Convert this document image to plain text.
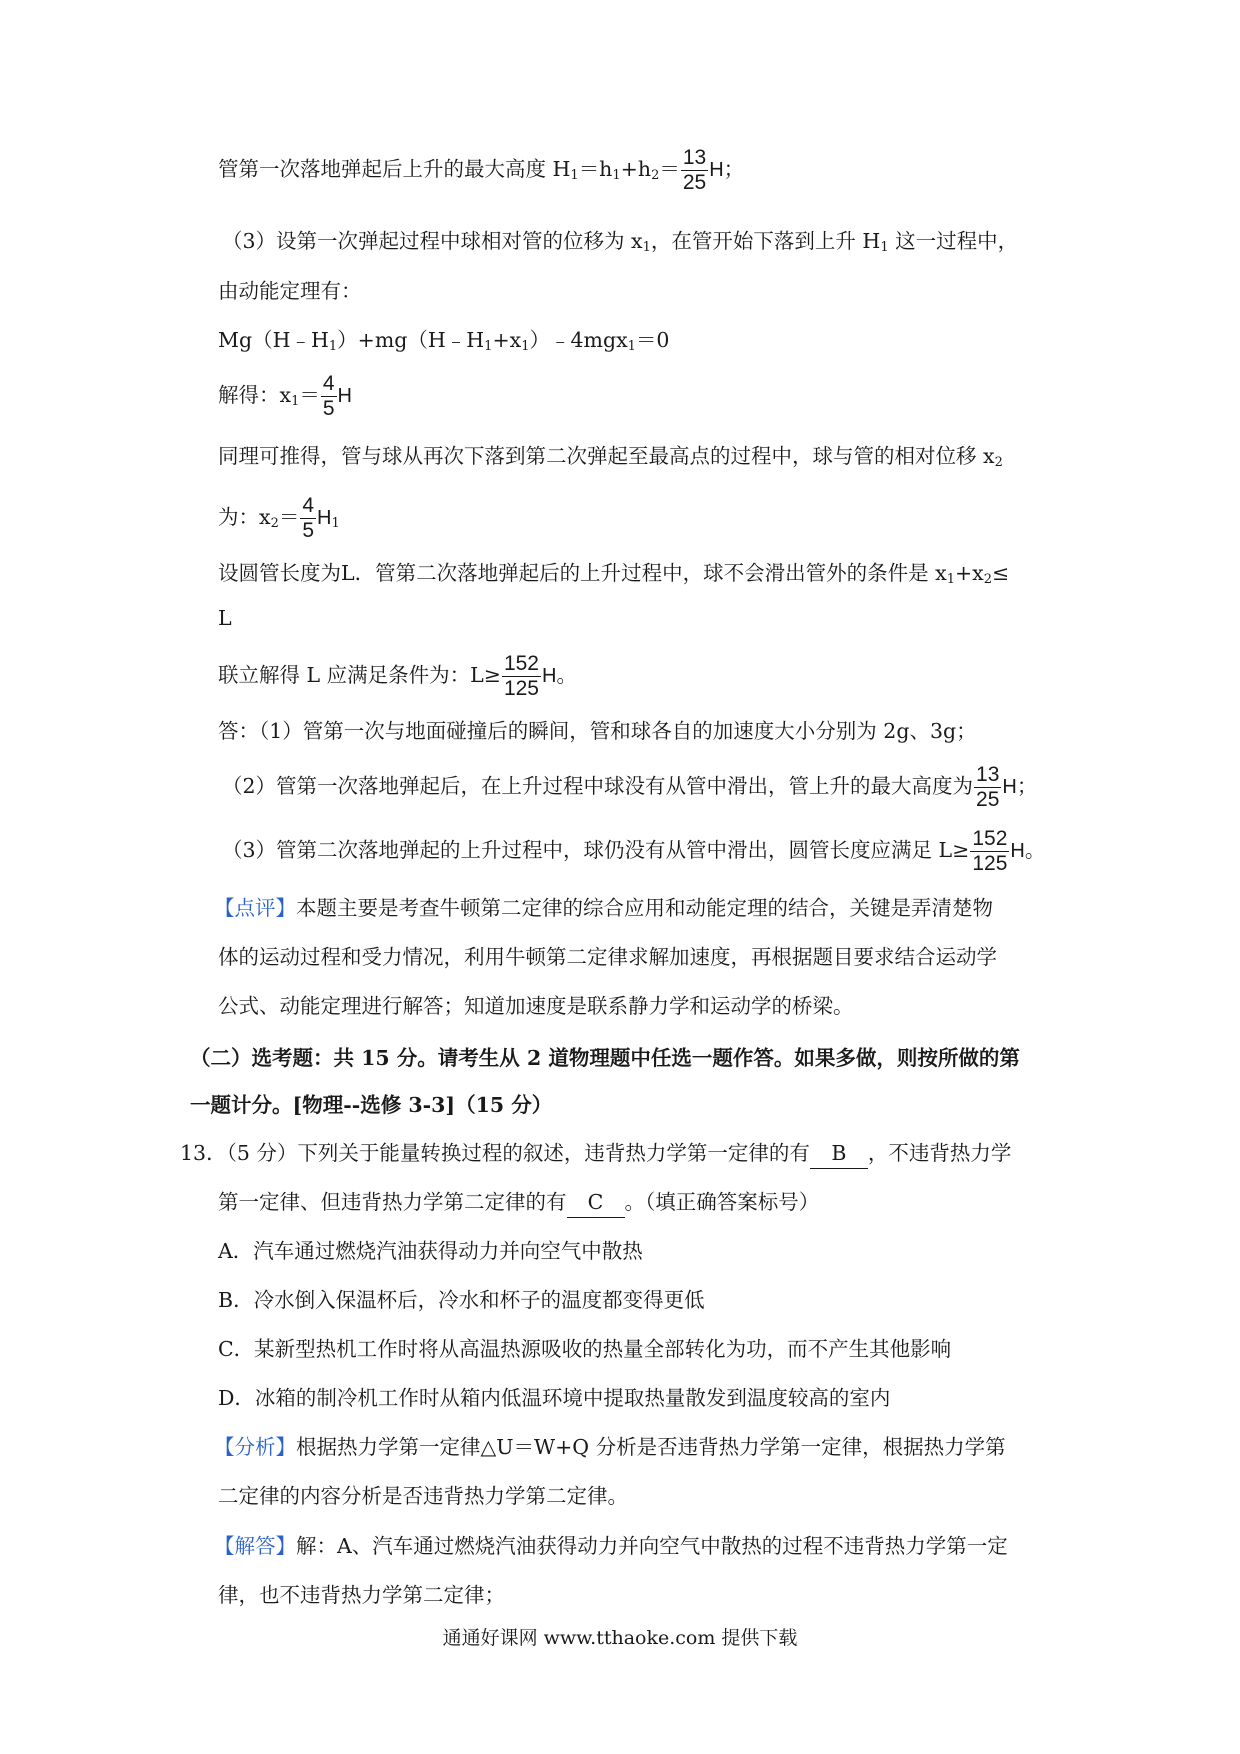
管第一次落地弹起后上升的最大高度 $H_1=h_1+h_2= \frac{13}{25}$ H；
（3）设第一次弹起过程中球相对管的位移为 $x_1$，在管开始下落到上升 $H_1$ 这一过程中，
由动能定理有：
$Mg(H﹣H_1)+mg(H﹣H_1+x_1)﹣4mgx_1=0$
解得：$x_1= \frac{4}{5}$ H
同理可推得，管与球从再次下落到第二次弹起至最高点的过程中，球与管的相对位移 $x_2$
为：$x_2= \frac{4}{5} H_1$
设圆管长度为L．管第二次落地弹起后的上升过程中，球不会滑出管外的条件是 $x_1+x_2\le$
L
联立解得 L 应满足条件为：$L\ge \frac{152}{125}$ H。
答：（1）管第一次与地面碰撞后的瞬间，管和球各自的加速度大小分别为 2g、3g；
（2）管第一次落地弹起后，在上升过程中球没有从管中滑出，管上升的最大高度为 $\frac{13}{25}$ H；
（3）管第二次落地弹起的上升过程中，球仍没有从管中滑出，圆管长度应满足 $L\ge \frac{152}{125}$ H。
【点评】本题主要是考查牛顿第二定律的综合应用和动能定理的结合，关键是弄清楚物
体的运动过程和受力情况，利用牛顿第二定律求解加速度，再根据题目要求结合运动学
公式、动能定理进行解答；知道加速度是联系静力学和运动学的桥梁。
（二）选考题：共 15 分。请考生从 2 道物理题中任选一题作答。如果多做，则按所做的第
一题计分。[物理--选修 3-3]（15 分）
13．（5 分）下列关于能量转换过程的叙述，违背热力学第一定律的有 B ，不违背热力学
第一定律、但违背热力学第二定律的有 C 。（填正确答案标号）
A．汽车通过燃烧汽油获得动力并向空气中散热
B．冷水倒入保温杯后，冷水和杯子的温度都变得更低
C．某新型热机工作时将从高温热源吸收的热量全部转化为功，而不产生其他影响
D．冰箱的制冷机工作时从箱内低温环境中提取热量散发到温度较高的室内
【分析】根据热力学第一定律△U＝W+Q 分析是否违背热力学第一定律，根据热力学第
二定律的内容分析是否违背热力学第二定律。
【解答】解：A、汽车通过燃烧汽油获得动力并向空气中散热的过程不违背热力学第一定
律，也不违背热力学第二定律；
通通好课网 www.tthaoke.com 提供下载
